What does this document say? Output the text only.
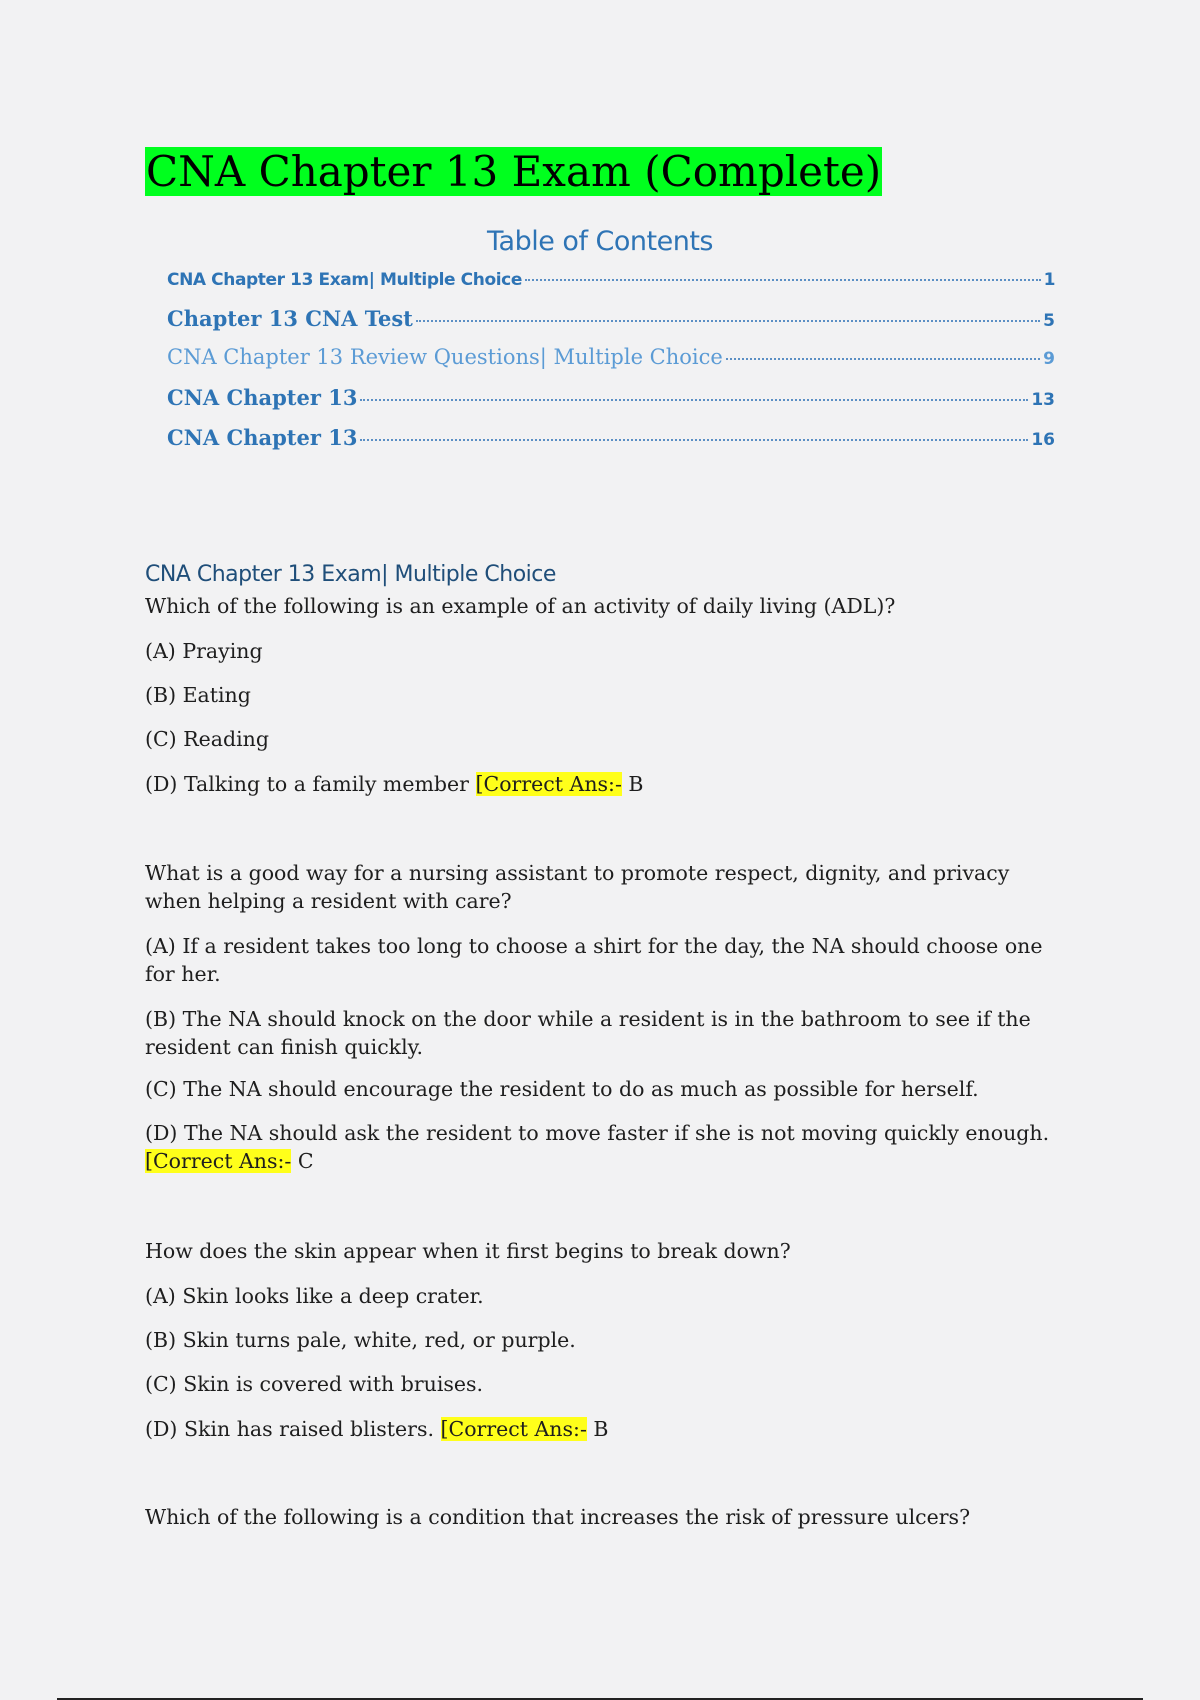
CNA Chapter 13 Exam (Complete)
Table of Contents
CNA Chapter 13 Exam| Multiple Choice	1
Chapter 13 CNA Test	5
CNA Chapter 13 Review Questions| Multiple Choice	9
CNA Chapter 13	13
CNA Chapter 13	16
CNA Chapter 13 Exam| Multiple Choice
Which of the following is an example of an activity of daily living (ADL)?
(A) Praying
(B) Eating
(C) Reading
(D) Talking to a family member [Correct Ans:- B
What is a good way for a nursing assistant to promote respect, dignity, and privacy when helping a resident with care?
(A) If a resident takes too long to choose a shirt for the day, the NA should choose one for her.
(B) The NA should knock on the door while a resident is in the bathroom to see if the resident can finish quickly.
(C) The NA should encourage the resident to do as much as possible for herself.
(D) The NA should ask the resident to move faster if she is not moving quickly enough. [Correct Ans:- C
How does the skin appear when it first begins to break down?
(A) Skin looks like a deep crater.
(B) Skin turns pale, white, red, or purple.
(C) Skin is covered with bruises.
(D) Skin has raised blisters. [Correct Ans:- B
Which of the following is a condition that increases the risk of pressure ulcers?
